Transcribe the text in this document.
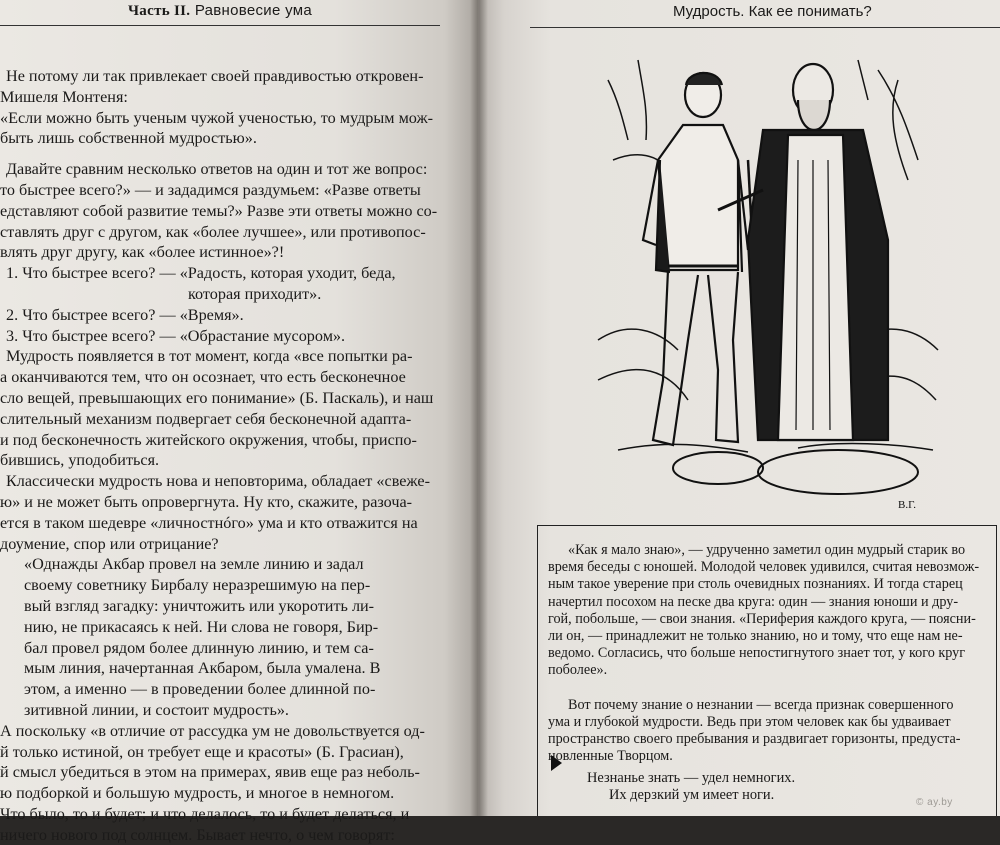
Часть II. Равновесие ума
Не потому ли так привлекает своей правдивостью откровен-
Мишеля Монтеня:
«Если можно быть ученым чужой ученостью, то мудрым мож-
быть лишь собственной мудростью».
Давайте сравним несколько ответов на один и тот же вопрос:
то быстрее всего?» — и зададимся раздумьем: «Разве ответы
едставляют собой развитие темы?» Разве эти ответы можно со-
ставлять друг с другом, как «более лучшее», или противопос-
влять друг другу, как «более истинное»?!
1. Что быстрее всего? — «Радость, которая уходит, беда,
которая приходит».
2. Что быстрее всего? — «Время».
3. Что быстрее всего? — «Обрастание мусором».
Мудрость появляется в тот момент, когда «все попытки ра-
а оканчиваются тем, что он осознает, что есть бесконечное
сло вещей, превышающих его понимание» (Б. Паскаль), и наш
слительный механизм подвергает себя бесконечной адапта-
и под бесконечность житейского окружения, чтобы, приспо-
бившись, уподобиться.
Классически мудрость нова и неповторима, обладает «свеже-
ю» и не может быть опровергнута. Ну кто, скажите, разоча-
ется в таком шедевре «личностнóго» ума и кто отважится на
доумение, спор или отрицание?
«Однажды Акбар провел на земле линию и задал
своему советнику Бирбалу неразрешимую на пер-
вый взгляд загадку: уничтожить или укоротить ли-
нию, не прикасаясь к ней. Ни слова не говоря, Бир-
бал провел рядом более длинную линию, и тем са-
мым линия, начертанная Акбаром, была умалена. В
этом, а именно — в проведении более длинной по-
зитивной линии, и состоит мудрость».
А поскольку «в отличие от рассудка ум не довольствуется од-
й только истиной, он требует еще и красоты» (Б. Грасиан),
й смысл убедиться в этом на примерах, явив еще раз неболь-
ю подборкой и большую мудрость, и многое в немногом.
Что было, то и будет; и что делалось, то и будет делаться, и
ничего нового под солнцем. Бывает нечто, о чем говорят:
Мудрость. Как ее понимать?
В.Г.
«Как я мало знаю», — удрученно заметил один мудрый старик во
время беседы с юношей. Молодой человек удивился, считая невозмож-
ным такое уверение при столь очевидных познаниях. И тогда старец
начертил посохом на песке два круга: один — знания юноши и дру-
гой, побольше, — свои знания. «Периферия каждого круга, — поясни-
ли он, — принадлежит не только знанию, но и тому, что еще нам не-
ведомо. Согласись, что больше непостигнутого знает тот, у кого круг
поболее».
Вот почему знание о незнании — всегда признак совершенного
ума и глубокой мудрости. Ведь при этом человек как бы удваивает
пространство своего пребывания и раздвигает горизонты, предуста-
новленные Творцом.
Незнанье знать — удел немногих.
Их дерзкий ум имеет ноги.	© ay.by
